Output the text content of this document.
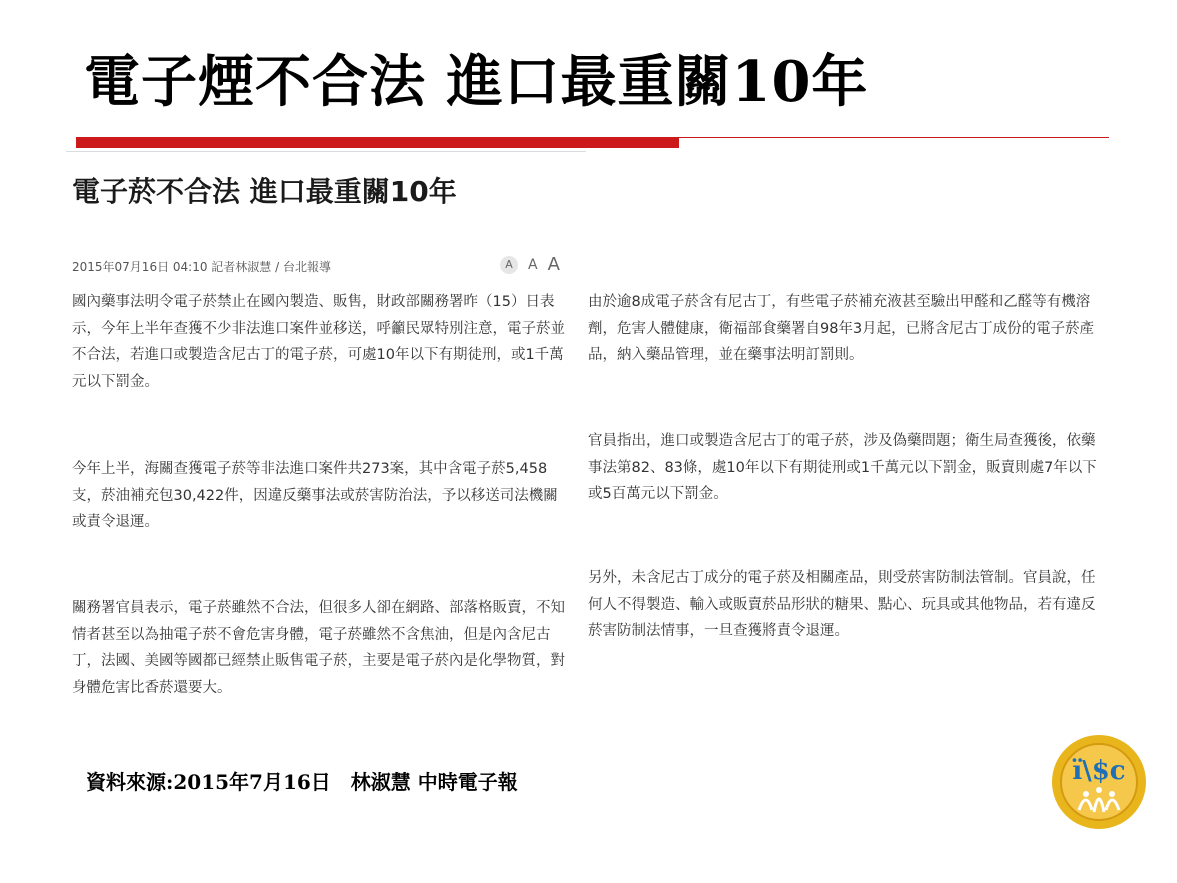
電子煙不合法 進口最重關10年
電子菸不合法 進口最重關10年
2015年07月16日 04:10 記者林淑慧 / 台北報導	A	A A
國內藥事法明令電子菸禁止在國內製造、販售，財政部關務署昨（15）日表示，今年上半年查獲不少非法進口案件並移送，呼籲民眾特別注意，電子菸並不合法，若進口或製造含尼古丁的電子菸，可處10年以下有期徒刑，或1千萬元以下罰金。
今年上半，海關查獲電子菸等非法進口案件共273案，其中含電子菸5,458支，菸油補充包30,422件，因違反藥事法或菸害防治法，予以移送司法機關或責令退運。
關務署官員表示，電子菸雖然不合法，但很多人卻在網路、部落格販賣，不知情者甚至以為抽電子菸不會危害身體，電子菸雖然不含焦油，但是內含尼古丁，法國、美國等國都已經禁止販售電子菸，主要是電子菸內是化學物質，對身體危害比香菸還要大。
由於逾8成電子菸含有尼古丁，有些電子菸補充液甚至驗出甲醛和乙醛等有機溶劑，危害人體健康，衛福部食藥署自98年3月起，已將含尼古丁成份的電子菸產品，納入藥品管理，並在藥事法明訂罰則。
官員指出，進口或製造含尼古丁的電子菸，涉及偽藥問題；衛生局查獲後，依藥事法第82、83條，處10年以下有期徒刑或1千萬元以下罰金，販賣則處7年以下或5百萬元以下罰金。
另外，未含尼古丁成分的電子菸及相關產品，則受菸害防制法管制。官員說，任何人不得製造、輸入或販賣菸品形狀的糖果、點心、玩具或其他物品，若有違反菸害防制法情事，一旦查獲將責令退運。
資料來源:2015年7月16日　林淑慧 中時電子報	ï\$c
